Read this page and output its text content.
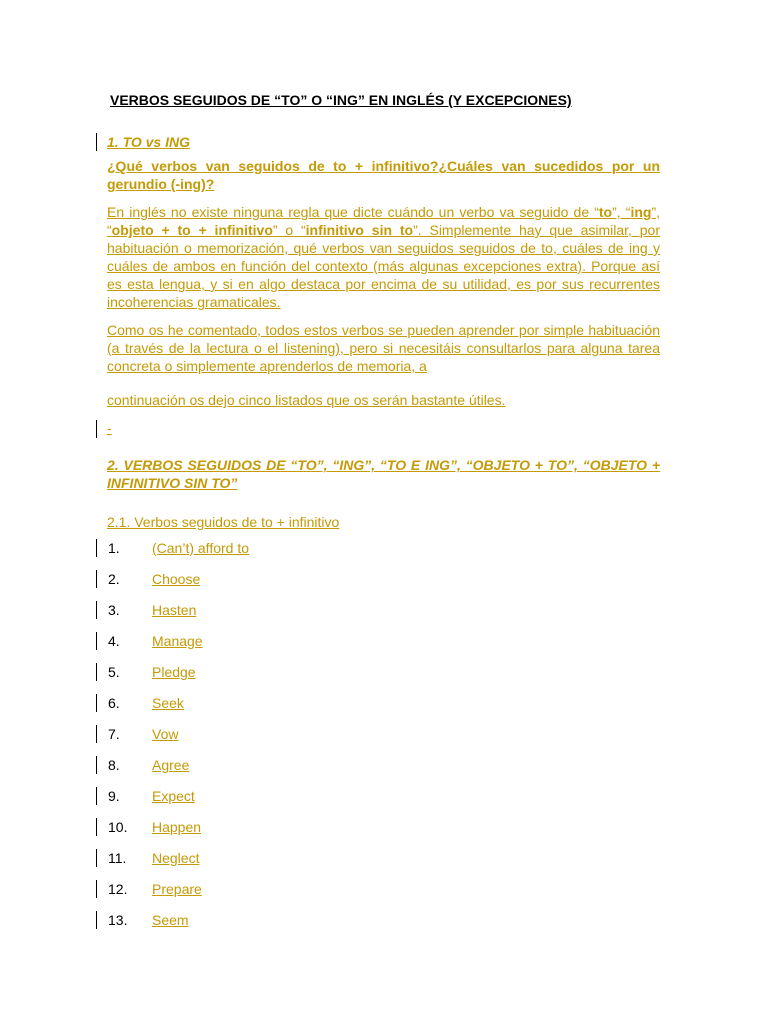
VERBOS SEGUIDOS DE “TO” O “ING” EN INGLÉS (Y EXCEPCIONES)
1. TO vs ING
¿Qué verbos van seguidos de to + infinitivo?¿Cuáles van sucedidos por un gerundio (-ing)?
En inglés no existe ninguna regla que dicte cuándo un verbo va seguido de “to”, “ing”, “objeto + to + infinitivo” o “infinitivo sin to”. Simplemente hay que asimilar, por habituación o memorización, qué verbos van seguidos seguidos de to, cuáles de ing y cuáles de ambos en función del contexto (más algunas excepciones extra). Porque así es esta lengua, y si en algo destaca por encima de su utilidad, es por sus recurrentes incoherencias gramaticales.
Como os he comentado, todos estos verbos se pueden aprender por simple habituación (a través de la lectura o el listening), pero si necesitáis consultarlos para alguna tarea concreta o simplemente aprenderlos de memoria, a
continuación os dejo cinco listados que os serán bastante útiles.
-
2. VERBOS SEGUIDOS DE “TO”, “ING”, “TO E ING”, “OBJETO + TO”, “OBJETO + INFINITIVO SIN TO”
2.1. Verbos seguidos de to + infinitivo
1. (Can’t) afford to
2. Choose
3. Hasten
4. Manage
5. Pledge
6. Seek
7. Vow
8. Agree
9. Expect
10. Happen
11. Neglect
12. Prepare
13. Seem
